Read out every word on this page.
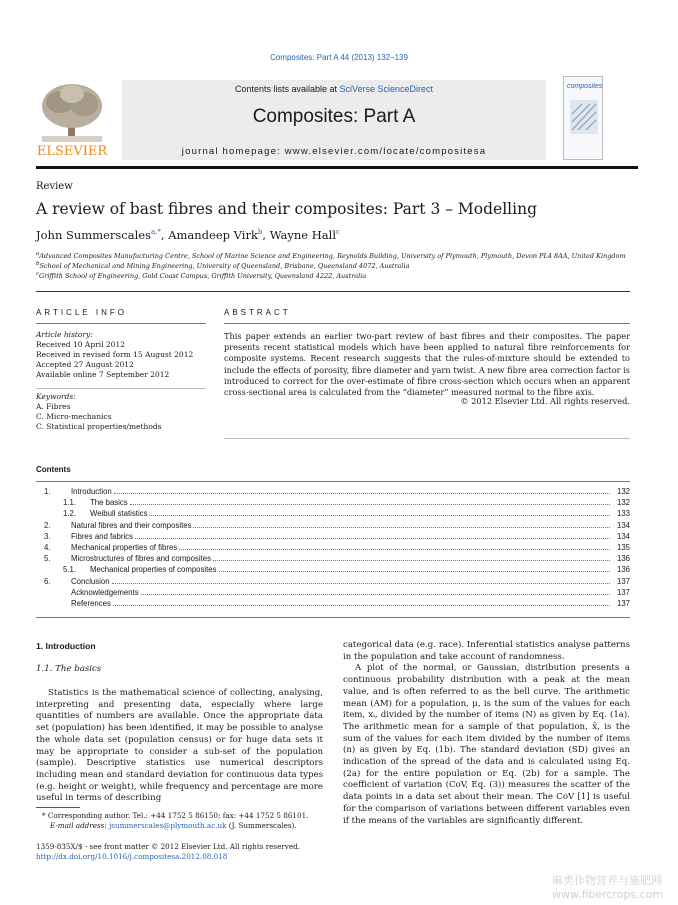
Composites: Part A 44 (2013) 132–139
Contents lists available at SciVerse ScienceDirect
Composites: Part A
journal homepage: www.elsevier.com/locate/compositesa
ELSEVIER
composites
Review
A review of bast fibres and their composites: Part 3 – Modelling
John Summerscales$^{a,*}$, Amandeep Virk$^b$, Wayne Hall$^c$
$^a$Advanced Composites Manufacturing Centre, School of Marine Science and Engineering, Reynolds Building, University of Plymouth, Plymouth, Devon PL4 8AA, United Kingdom
$^b$School of Mechanical and Mining Engineering, University of Queensland, Brisbane, Queensland 4072, Australia
$^c$Griffith School of Engineering, Gold Coast Campus, Griffith University, Queensland 4222, Australia
ARTICLE INFO
Article history:
Received 10 April 2012
Received in revised form 15 August 2012
Accepted 27 August 2012
Available online 7 September 2012
Keywords:
A. Fibres
C. Micro-mechanics
C. Statistical properties/methods
ABSTRACT
This paper extends an earlier two-part review of bast fibres and their composites. The paper presents recent statistical models which have been applied to natural fibre reinforcements for composite systems. Recent research suggests that the rules-of-mixture should be extended to include the effects of porosity, fibre diameter and yarn twist. A new fibre area correction factor is introduced to correct for the over-estimate of fibre cross-section which occurs when an apparent cross-sectional area is calculated from the “diameter” measured normal to the fibre axis.
© 2012 Elsevier Ltd. All rights reserved.
Contents
1.	Introduction	132
1.1.	The basics	132
1.2.	Weibull statistics	133
2.	Natural fibres and their composites	134
3.	Fibres and fabrics	134
4.	Mechanical properties of fibres	135
5.	Microstructures of fibres and composites	136
5.1.	Mechanical properties of composites	136
6.	Conclusion	137
Acknowledgements	137
References	137
1. Introduction
1.1. The basics

Statistics is the mathematical science of collecting, analysing, interpreting and presenting data, especially where large quantities of numbers are available. Once the appropriate data set (population) has been identified, it may be possible to analyse the whole data set (population census) or for huge data sets it may be appropriate to consider a sub-set of the population (sample). Descriptive statistics use numerical descriptors including mean and standard deviation for continuous data types (e.g. height or weight), while frequency and percentage are more useful in terms of describing

* Corresponding author. Tel.: +44 1752 5 86150; fax: +44 1752 5 86101.
E-mail address: jsummerscales@plymouth.ac.uk (J. Summerscales).
1359-835X/$ - see front matter © 2012 Elsevier Ltd. All rights reserved.
http://dx.doi.org/10.1016/j.compositesa.2012.08.018

categorical data (e.g. race). Inferential statistics analyse patterns in the population and take account of randomness.

A plot of the normal, or Gaussian, distribution presents a continuous probability distribution with a peak at the mean value, and is often referred to as the bell curve. The arithmetic mean (AM) for a population, μ, is the sum of the values for each item, xᵢ, divided by the number of items (N) as given by Eq. (1a). The arithmetic mean for a sample of that population, x̄, is the sum of the values for each item divided by the number of items (n) as given by Eq. (1b). The standard deviation (SD) gives an indication of the spread of the data and is calculated using Eq. (2a) for the entire population or Eq. (2b) for a sample. The coefficient of variation (CoV, Eq. (3)) measures the scatter of the data points in a data set about their mean. The CoV [1] is useful for the comparison of variations between different variables even if the means of the variables are significantly different.

麻类作物营养与施肥网 www.fibercrops.com
